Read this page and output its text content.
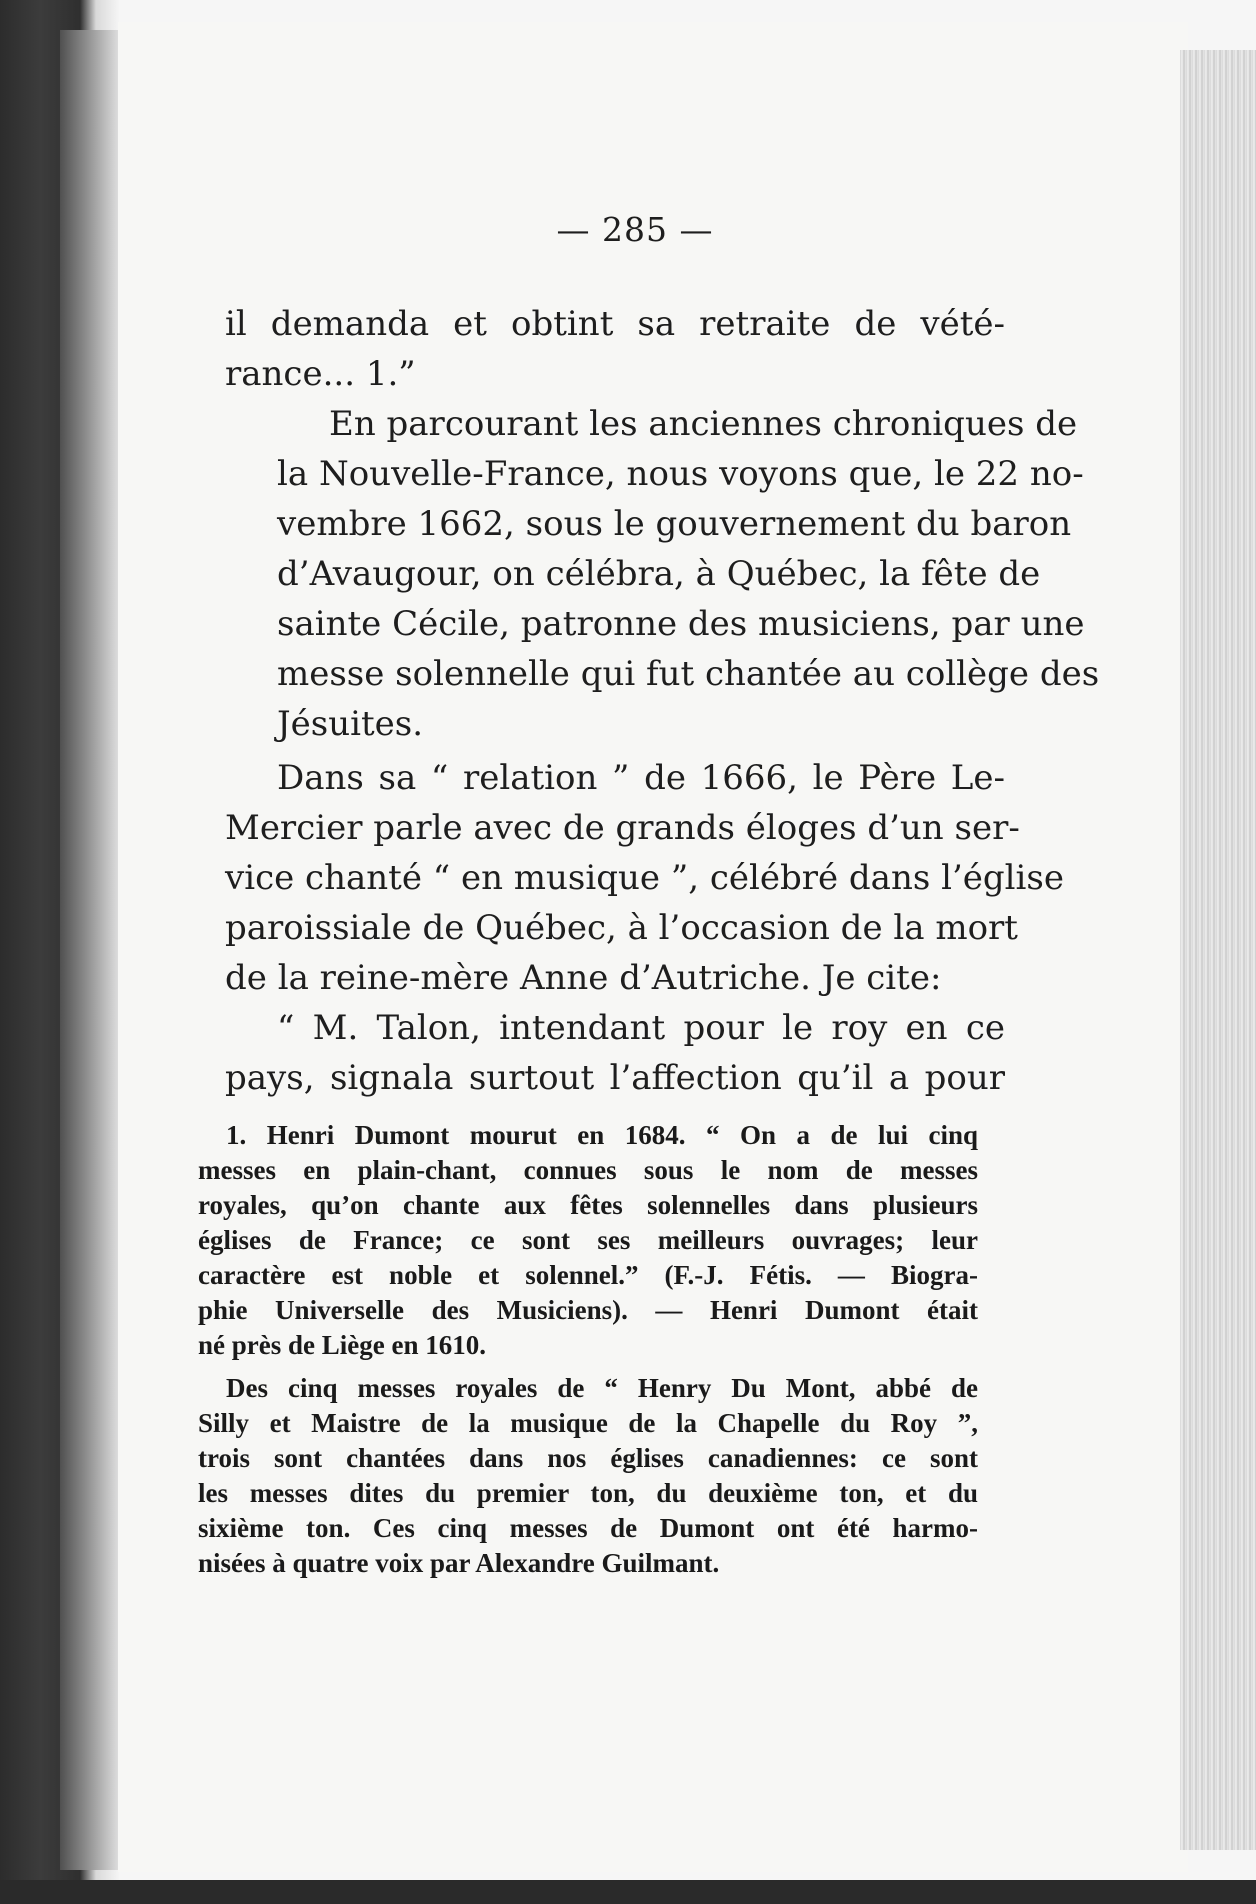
— 285 —

il demanda et obtint sa retraite de vété-
rance... 1.”

En parcourant les anciennes chroniques de
la Nouvelle-France, nous voyons que, le 22 no-
vembre 1662, sous le gouvernement du baron
d’Avaugour, on célébra, à Québec, la fête de
sainte Cécile, patronne des musiciens, par une
messe solennelle qui fut chantée au collège des
Jésuites.

Dans sa “ relation ” de 1666, le Père Le-
Mercier parle avec de grands éloges d’un ser-
vice chanté “ en musique ”, célébré dans l’église
paroissiale de Québec, à l’occasion de la mort
de la reine-mère Anne d’Autriche. Je cite:

“ M. Talon, intendant pour le roy en ce
pays, signala surtout l’affection qu’il a pour

1. Henri Dumont mourut en 1684. “ On a de lui cinq
messes en plain-chant, connues sous le nom de messes
royales, qu’on chante aux fêtes solennelles dans plusieurs
églises de France; ce sont ses meilleurs ouvrages; leur
caractère est noble et solennel.” (F.-J. Fétis. — Biogra-
phie Universelle des Musiciens). — Henri Dumont était
né près de Liège en 1610.

Des cinq messes royales de “ Henry Du Mont, abbé de
Silly et Maistre de la musique de la Chapelle du Roy ”,
trois sont chantées dans nos églises canadiennes: ce sont
les messes dites du premier ton, du deuxième ton, et du
sixième ton. Ces cinq messes de Dumont ont été harmo-
nisées à quatre voix par Alexandre Guilmant.
